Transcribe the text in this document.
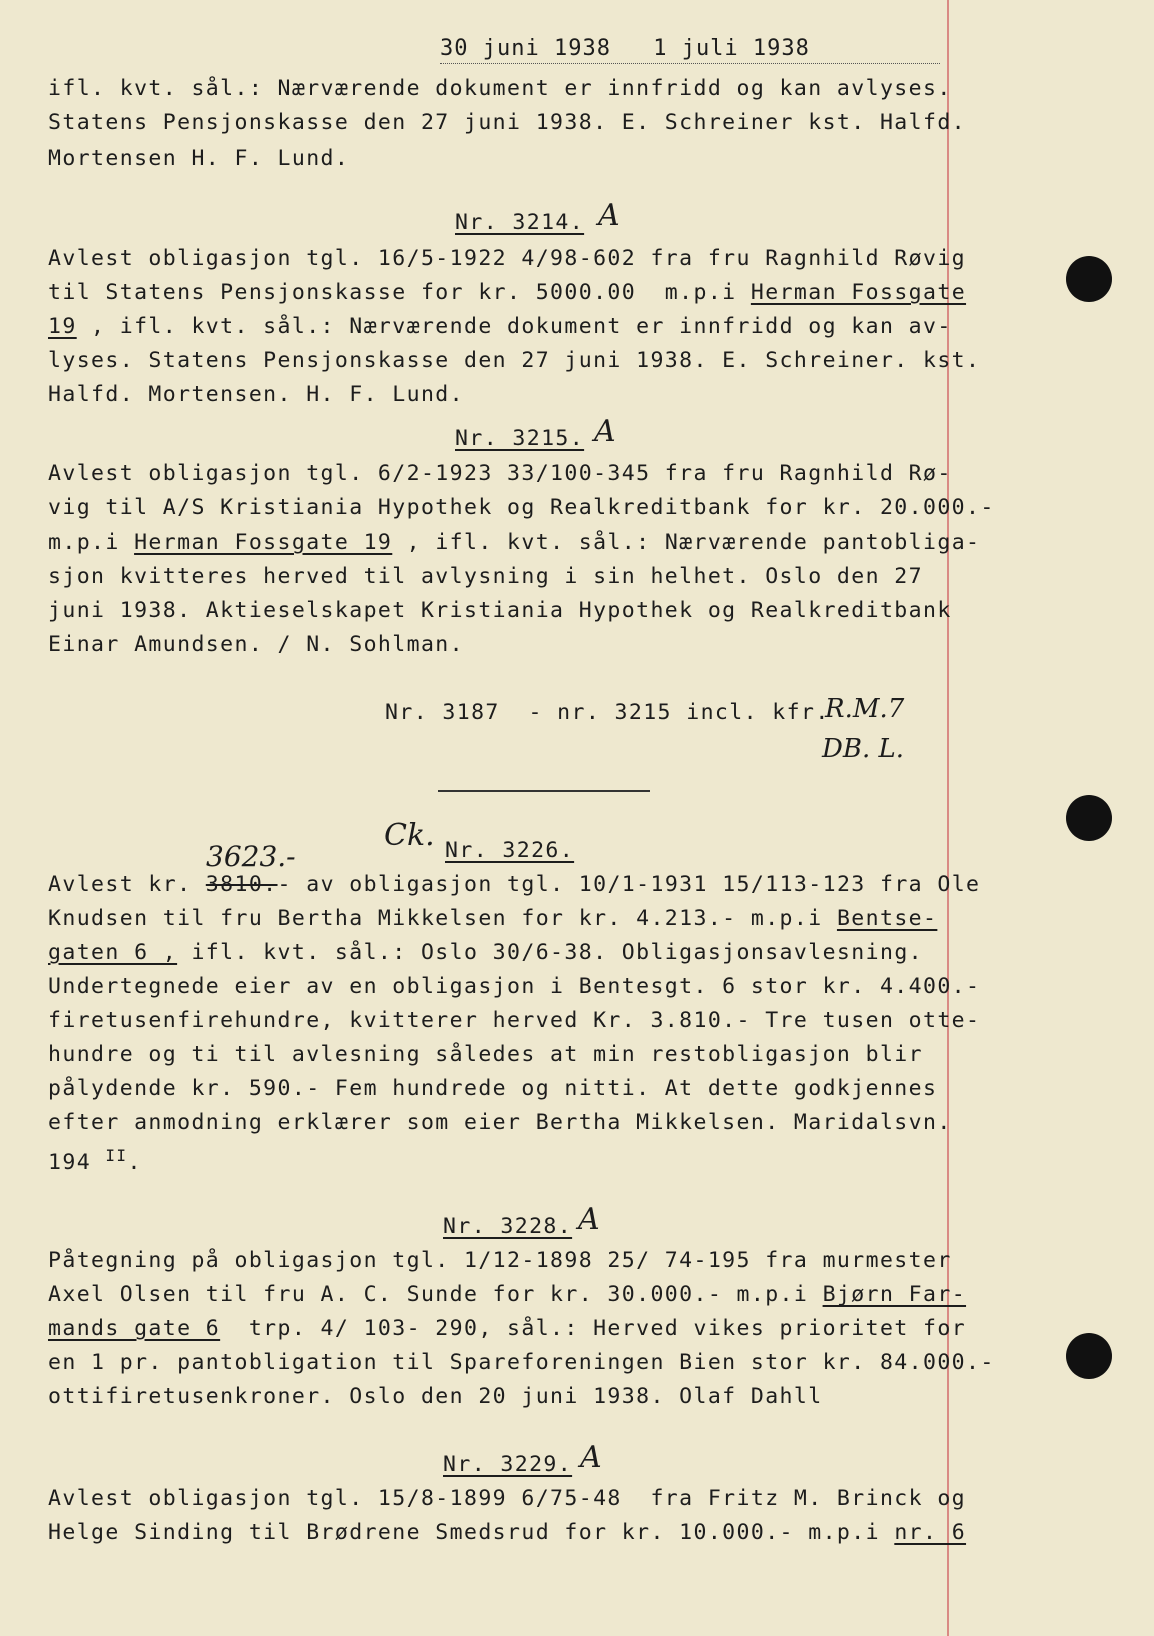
30 juni 1938 1 juli 1938
ifl. kvt. sål.: Nærværende dokument er innfridd og kan avlyses.
Statens Pensjonskasse den 27 juni 1938. E. Schreiner kst. Halfd.
Mortensen H. F. Lund.
Nr. 3214. A
Avlest obligasjon tgl. 16/5-1922 4/98-602 fra fru Ragnhild Røvig
til Statens Pensjonskasse for kr. 5000.00  m.p.i Herman Fossgate
19 , ifl. kvt. sål.: Nærværende dokument er innfridd og kan av-
lyses. Statens Pensjonskasse den 27 juni 1938. E. Schreiner. kst.
Halfd. Mortensen. H. F. Lund.
Nr. 3215. A
Avlest obligasjon tgl. 6/2-1923 33/100-345 fra fru Ragnhild Rø-
vig til A/S Kristiania Hypothek og Realkreditbank for kr. 20.000.-
m.p.i Herman Fossgate 19 , ifl. kvt. sål.: Nærværende pantobliga-
sjon kvitteres herved til avlysning i sin helhet. Oslo den 27
juni 1938. Aktieselskapet Kristiania Hypothek og Realkreditbank
Einar Amundsen. / N. Sohlman.
Nr. 3187  - nr. 3215 incl. kfr.
R.M.7
DB. L.
3623.-
Ck. Nr. 3226.
Avlest kr. 3810.- av obligasjon tgl. 10/1-1931 15/113-123 fra Ole
Knudsen til fru Bertha Mikkelsen for kr. 4.213.- m.p.i Bentse-
gaten 6 , ifl. kvt. sål.: Oslo 30/6-38. Obligasjonsavlesning.
Undertegnede eier av en obligasjon i Bentesgt. 6 stor kr. 4.400.-
firetusenfirehundre, kvitterer herved Kr. 3.810.- Tre tusen otte-
hundre og ti til avlesning således at min restobligasjon blir
pålydende kr. 590.- Fem hundrede og nitti. At dette godkjennes
efter anmodning erklærer som eier Bertha Mikkelsen. Maridalsvn.
194 $^{II}$.
Nr. 3228. A
Påtegning på obligasjon tgl. 1/12-1898 25/ 74-195 fra murmester
Axel Olsen til fru A. C. Sunde for kr. 30.000.- m.p.i Bjørn Far-
mands gate 6  trp. 4/ 103- 290, sål.: Herved vikes prioritet for
en 1 pr. pantobligation til Spareforeningen Bien stor kr. 84.000.-
ottifiretusenkroner. Oslo den 20 juni 1938. Olaf Dahll
Nr. 3229. A
Avlest obligasjon tgl. 15/8-1899 6/75-48  fra Fritz M. Brinck og
Helge Sinding til Brødrene Smedsrud for kr. 10.000.- m.p.i nr. 6
